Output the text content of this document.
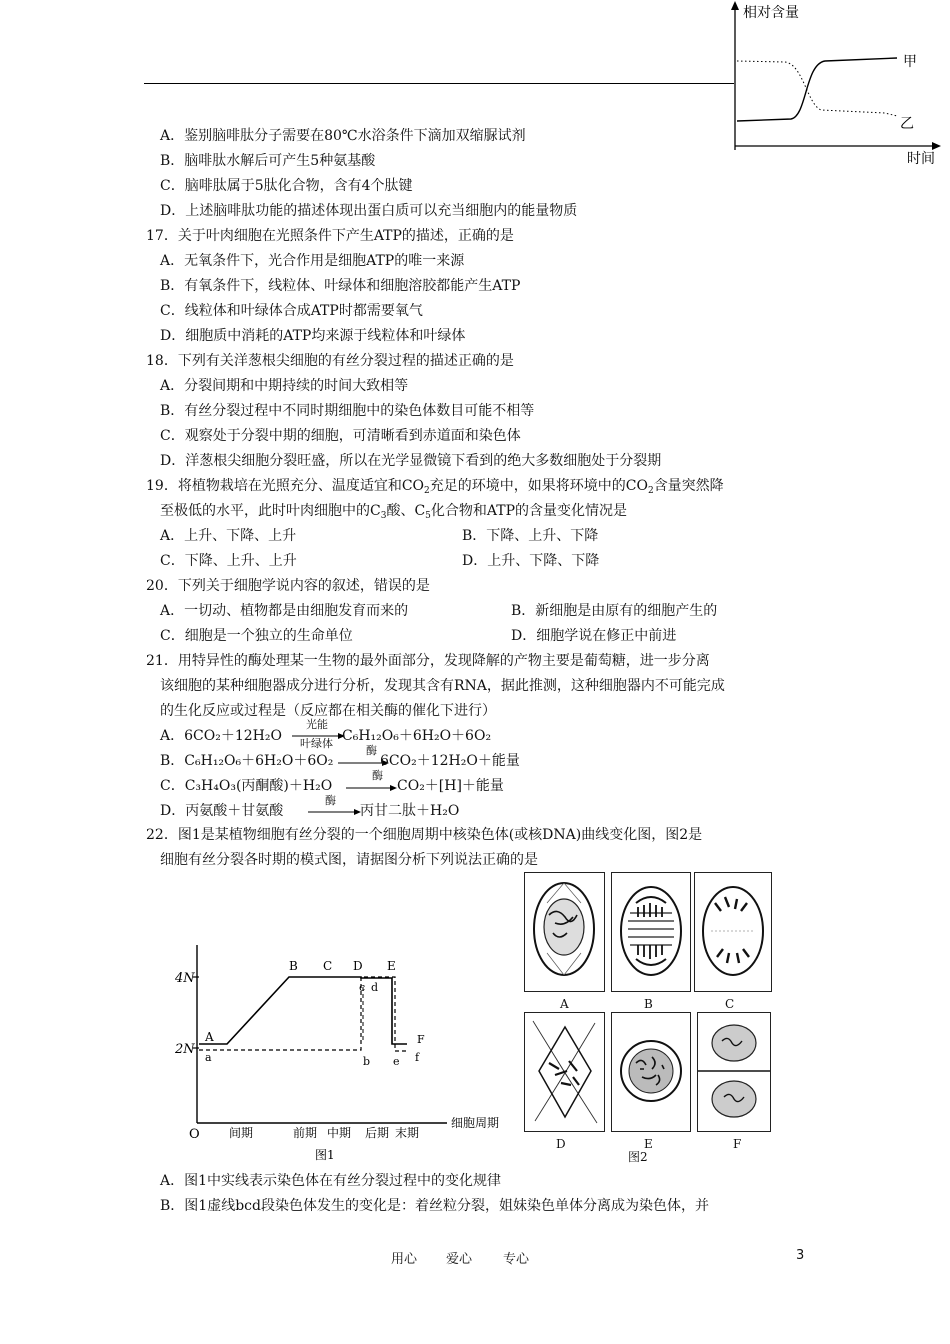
相对含量
时间
甲
乙
A．鉴别脑啡肽分子需要在80℃水浴条件下滴加双缩脲试剂
B．脑啡肽水解后可产生5种氨基酸
C．脑啡肽属于5肽化合物，含有4个肽键
D．上述脑啡肽功能的描述体现出蛋白质可以充当细胞内的能量物质
17．关于叶肉细胞在光照条件下产生ATP的描述，正确的是
A．无氧条件下，光合作用是细胞ATP的唯一来源
B．有氧条件下，线粒体、叶绿体和细胞溶胶都能产生ATP
C．线粒体和叶绿体合成ATP时都需要氧气
D．细胞质中消耗的ATP均来源于线粒体和叶绿体
18．下列有关洋葱根尖细胞的有丝分裂过程的描述正确的是
A．分裂间期和中期持续的时间大致相等
B．有丝分裂过程中不同时期细胞中的染色体数目可能不相等
C．观察处于分裂中期的细胞，可清晰看到赤道面和染色体
D．洋葱根尖细胞分裂旺盛，所以在光学显微镜下看到的绝大多数细胞处于分裂期
19．将植物栽培在光照充分、温度适宜和$CO_2$充足的环境中，如果将环境中的$CO_2$含量突然降
至极低的水平，此时叶肉细胞中的$C_3$酸、$C_5$化合物和ATP的含量变化情况是
A．上升、下降、上升	B．下降、上升、下降
C．下降、上升、上升	D．上升、下降、下降
20．下列关于细胞学说内容的叙述，错误的是
A．一切动、植物都是由细胞发育而来的	B．新细胞是由原有的细胞产生的
C．细胞是一个独立的生命单位	D．细胞学说在修正中前进
21．用特异性的酶处理某一生物的最外面部分，发现降解的产物主要是葡萄糖，进一步分离
该细胞的某种细胞器成分进行分析，发现其含有RNA，据此推测，这种细胞器内不可能完成
的生化反应或过程是（反应都在相关酶的催化下进行）
A．6CO₂＋12H₂O
光能
叶绿体 C₆H₁₂O₆＋6H₂O＋6O₂
B．C₆H₁₂O₆＋6H₂O＋6O₂
酶
6CO₂＋12H₂O＋能量
C．C₃H₄O₃(丙酮酸)＋H₂O
酶
→ CO₂＋[H]＋能量
D．丙氨酸＋甘氨酸
酶
丙甘二肽＋H₂O
22．图1是某植物细胞有丝分裂的一个细胞周期中核染色体(或核DNA)曲线变化图，图2是
细胞有丝分裂各时期的模式图，请据图分析下列说法正确的是
4N
2N
O
A
B C D E
F
a	b
c d
e f
间期	前期 中期 后期 末期
细胞周期
图1
A	B	C
D	E	F
图2
A．图1中实线表示染色体在有丝分裂过程中的变化规律
B．图1虚线bcd段染色体发生的变化是：着丝粒分裂，姐妹染色单体分离成为染色体，并
用心 爱心 专心	3
